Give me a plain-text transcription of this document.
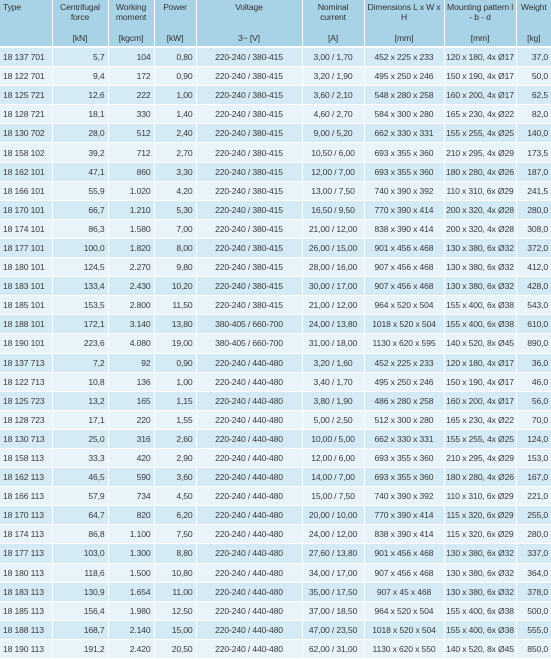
Type	Centrifugal force	Working moment	Power	Voltage	Nominal current	Dimensions L x W x H	Mounting pattern l - b - d	Weight
	[kN]	[kgcm]	[kW]	3~ [V]	[A]	[mm]	[mm]	[kg]
18 137 701	5,7	104	0,80	220-240 / 380-415	3,00 / 1,70	452 x 225 x 233	120 x 180, 4x Ø17	37,0
18 122 701	9,4	172	0,90	220-240 / 380-415	3,20 / 1,90	495 x 250 x 246	150 x 190, 4x Ø17	50,0
18 125 721	12,6	222	1,00	220-240 / 380-415	3,60 / 2,10	548 x 280 x 258	160 x 200, 4x Ø17	62,5
18 128 721	18,1	330	1,40	220-240 / 380-415	4,60 / 2,70	584 x 300 x 280	165 x 230, 4x Ø22	82,0
18 130 702	28,0	512	2,40	220-240 / 380-415	9,00 / 5,20	662 x 330 x 331	155 x 255, 4x Ø25	140,0
18 158 102	39,2	712	2,70	220-240 / 380-415	10,50 / 6,00	693 x 355 x 360	210 x 295, 4x Ø29	173,5
18 162 101	47,1	860	3,30	220-240 / 380-415	12,00 / 7,00	693 x 355 x 360	180 x 280, 4x Ø26	187,0
18 166 101	55,9	1.020	4,20	220-240 / 380-415	13,00 / 7,50	740 x 390 x 392	110 x 310, 6x Ø29	241,5
18 170 101	66,7	1.210	5,30	220-240 / 380-415	16,50 / 9,50	770 x 390 x 414	200 x 320, 4x Ø28	280,0
18 174 101	86,3	1.580	7,00	220-240 / 380-415	21,00 / 12,00	838 x 390 x 414	200 x 320, 4x Ø28	308,0
18 177 101	100,0	1.820	8,00	220-240 / 380-415	26,00 / 15,00	901 x 456 x 468	130 x 380, 6x Ø32	372,0
18 180 101	124,5	2.270	9,80	220-240 / 380-415	28,00 / 16,00	907 x 456 x 468	130 x 380, 6x Ø32	412,0
18 183 101	133,4	2.430	10,20	220-240 / 380-415	30,00 / 17,00	907 x 456 x 468	130 x 380, 6x Ø32	428,0
18 185 101	153,5	2.800	11,50	220-240 / 380-415	21,00 / 12,00	964 x 520 x 504	155 x 400, 6x Ø38	543,0
18 188 101	172,1	3.140	13,80	380-405 / 660-700	24,00 / 13,80	1018 x 520 x 504	155 x 400, 6x Ø38	610,0
18 190 101	223,6	4.080	19,00	380-405 / 660-700	31,00 / 18,00	1130 x 620 x 595	140 x 520, 8x Ø45	890,0
18 137 713	7,2	92	0,90	220-240 / 440-480	3,20 / 1,60	452 x 225 x 233	120 x 180, 4x Ø17	36,0
18 122 713	10,8	136	1,00	220-240 / 440-480	3,40 / 1,70	495 x 250 x 246	150 x 190, 4x Ø17	46,0
18 125 723	13,2	165	1,15	220-240 / 440-480	3,80 / 1,90	486 x 280 x 258	160 x 200, 4x Ø17	56,0
18 128 723	17,1	220	1,55	220-240 / 440-480	5,00 / 2,50	512 x 300 x 280	165 x 230, 4x Ø22	70,0
18 130 713	25,0	316	2,60	220-240 / 440-480	10,00 / 5,00	662 x 330 x 331	155 x 255, 4x Ø25	124,0
18 158 113	33,3	420	2,90	220-240 / 440-480	12,00 / 6,00	693 x 355 x 360	210 x 295, 4x Ø29	153,0
18 162 113	46,5	590	3,60	220-240 / 440-480	14,00 / 7,00	693 x 355 x 360	180 x 280, 4x Ø26	167,0
18 166 113	57,9	734	4,50	220-240 / 440-480	15,00 / 7,50	740 x 390 x 392	110 x 310, 6x Ø29	221,0
18 170 113	64,7	820	6,20	220-240 / 440-480	20,00 / 10,00	770 x 390 x 414	115 x 320, 6x Ø29	255,0
18 174 113	86,8	1.100	7,50	220-240 / 440-480	24,00 / 12,00	838 x 390 x 414	115 x 320, 6x Ø29	280,0
18 177 113	103,0	1.300	8,80	220-240 / 440-480	27,60 / 13,80	901 x 456 x 468	130 x 380, 6x Ø32	337,0
18 180 113	118,6	1.500	10,80	220-240 / 440-480	34,00 / 17,00	907 x 456 x 468	130 x 380, 6x Ø32	364,0
18 183 113	130,9	1.654	11,00	220-240 / 440-480	35,00 / 17,50	907 x 45 x 468	130 x 380, 6x Ø32	378,0
18 185 113	156,4	1.980	12,50	220-240 / 440-480	37,00 / 18,50	964 x 520 x 504	155 x 400, 6x Ø38	500,0
18 188 113	168,7	2.140	15,00	220-240 / 440-480	47,00 / 23,50	1018 x 520 x 504	155 x 400, 6x Ø38	555,0
18 190 113	191,2	2.420	20,50	220-240 / 440-480	62,00 / 31,00	1130 x 620 x 550	140 x 520, 8x Ø45	850,0
